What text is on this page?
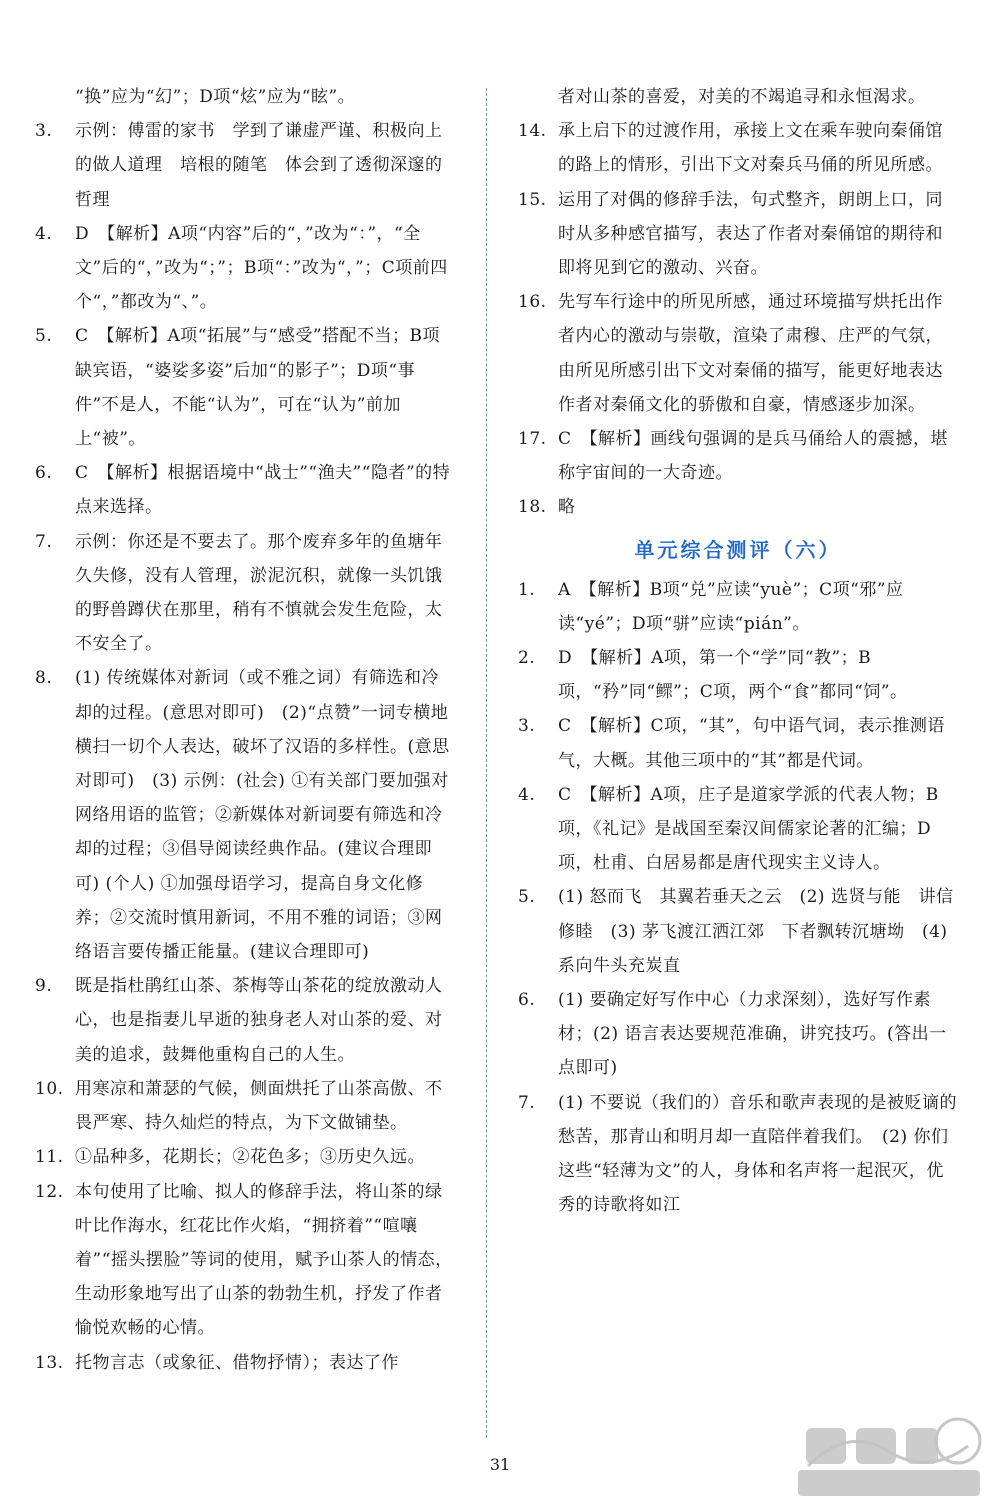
“换”应为“幻”；D项“炫”应为“眩”。
3. 示例：傅雷的家书　学到了谦虚严谨、积极向上的做人道理　培根的随笔　体会到了透彻深邃的哲理
4. D　【解析】A项“内容”后的“，”改为“：”，“全文”后的“，”改为“；”；B项“：”改为“，”；C项前四个“，”都改为“、”。
5. C　【解析】A项“拓展”与“感受”搭配不当；B项缺宾语，“婆娑多姿”后加“的影子”；D项“事件”不是人，不能“认为”，可在“认为”前加上“被”。
6. C　【解析】根据语境中“战士”“渔夫”“隐者”的特点来选择。
7. 示例：你还是不要去了。那个废弃多年的鱼塘年久失修，没有人管理，淤泥沉积，就像一头饥饿的野兽蹲伏在那里，稍有不慎就会发生危险，太不安全了。
8. (1) 传统媒体对新词（或不雅之词）有筛选和冷却的过程。(意思对即可)　(2)“点赞”一词专横地横扫一切个人表达，破坏了汉语的多样性。(意思对即可)　(3) 示例：(社会) ①有关部门要加强对网络用语的监管；②新媒体对新词要有筛选和冷却的过程；③倡导阅读经典作品。(建议合理即可) (个人) ①加强母语学习，提高自身文化修养；②交流时慎用新词，不用不雅的词语；③网络语言要传播正能量。(建议合理即可)
9. 既是指杜鹃红山茶、茶梅等山茶花的绽放激动人心，也是指妻儿早逝的独身老人对山茶的爱、对美的追求，鼓舞他重构自己的人生。
10. 用寒凉和萧瑟的气候，侧面烘托了山茶高傲、不畏严寒、持久灿烂的特点，为下文做铺垫。
11. ①品种多，花期长；②花色多；③历史久远。
12. 本句使用了比喻、拟人的修辞手法，将山茶的绿叶比作海水，红花比作火焰，“拥挤着”“喧嚷着”“摇头摆脸”等词的使用，赋予山茶人的情态，生动形象地写出了山茶的勃勃生机，抒发了作者愉悦欢畅的心情。
13. 托物言志（或象征、借物抒情）；表达了作
者对山茶的喜爱，对美的不竭追寻和永恒渴求。
14. 承上启下的过渡作用，承接上文在乘车驶向秦俑馆的路上的情形，引出下文对秦兵马俑的所见所感。
15. 运用了对偶的修辞手法，句式整齐，朗朗上口，同时从多种感官描写，表达了作者对秦俑馆的期待和即将见到它的激动、兴奋。
16. 先写车行途中的所见所感，通过环境描写烘托出作者内心的激动与崇敬，渲染了肃穆、庄严的气氛，由所见所感引出下文对秦俑的描写，能更好地表达作者对秦俑文化的骄傲和自豪，情感逐步加深。
17. C　【解析】画线句强调的是兵马俑给人的震撼，堪称宇宙间的一大奇迹。
18. 略
单元综合测评（六）
1. A　【解析】B项“兑”应读“yuè”；C项“邪”应读“yé”；D项“骈”应读“pián”。
2. D　【解析】A项，第一个“学”同“教”；B项，“矜”同“鳏”；C项，两个“食”都同“饲”。
3. C　【解析】C项，“其”，句中语气词，表示推测语气，大概。其他三项中的“其”都是代词。
4. C　【解析】A项，庄子是道家学派的代表人物；B项，《礼记》是战国至秦汉间儒家论著的汇编；D项，杜甫、白居易都是唐代现实主义诗人。
5. (1) 怒而飞　其翼若垂天之云　(2) 选贤与能　讲信修睦　(3) 茅飞渡江洒江郊　下者飘转沉塘坳　(4) 系向牛头充炭直
6. (1) 要确定好写作中心（力求深刻），选好写作素材；(2) 语言表达要规范准确，讲究技巧。(答出一点即可)
7. (1) 不要说（我们的）音乐和歌声表现的是被贬谪的愁苦，那青山和明月却一直陪伴着我们。　(2) 你们这些“轻薄为文”的人，身体和名声将一起泯灭，优秀的诗歌将如江
31
